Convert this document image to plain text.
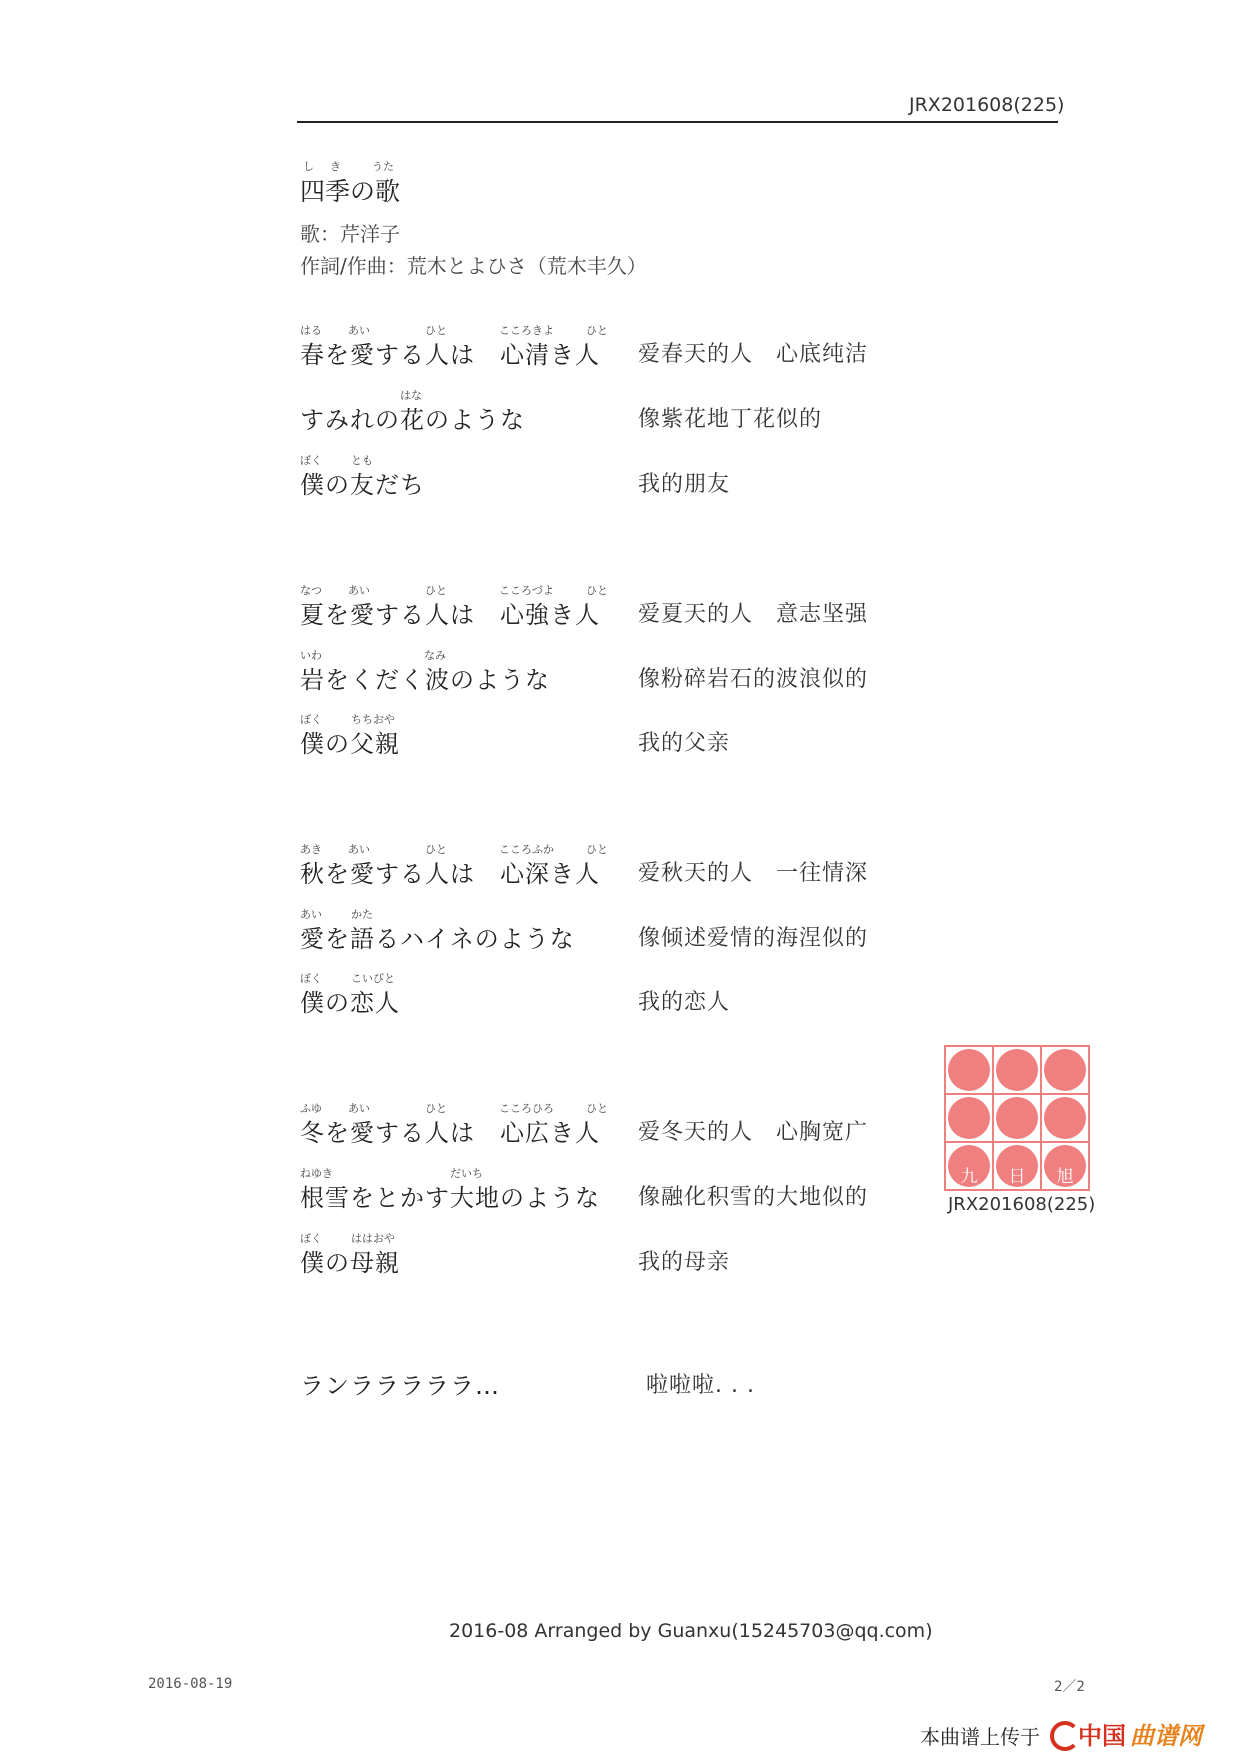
JRX201608(225)
し き	うた
四季の歌
歌：芹洋子
作詞/作曲：荒木とよひさ（荒木丰久）
はる あい	ひと	こころきよ	ひと
春を愛する人は　心清き人 爱春天的人　心底纯洁
はな
すみれの花のような	像紫花地丁花似的
ぼく	とも
僕の友だち	我的朋友
なつ あい	ひと	こころづよ	ひと
夏を愛する人は　心強き人 爱夏天的人　意志坚强
いわ	なみ
岩をくだく波のような	像粉碎岩石的波浪似的
ぼく	ちちおや
僕の父親	我的父亲
あき あい	ひと	こころふか	ひと
秋を愛する人は　心深き人 爱秋天的人　一往情深
あい	かた
愛を語るハイネのような	像倾述爱情的海涅似的
ぼく	こいびと
僕の恋人	我的恋人
ふゆ あい	ひと	こころひろ	ひと
冬を愛する人は　心広き人 爱冬天的人　心胸宽广
ねゆき	だいち
根雪をとかす大地のような 像融化积雪的大地似的
ぼく	ははおや
僕の母親	我的母亲
ランラララララ…	啦啦啦. . .
九 日 旭
JRX201608(225)
2016-08 Arranged by Guanxu(15245703@qq.com)
2016-08-19	2／2
本曲谱上传于 中国 曲谱网
